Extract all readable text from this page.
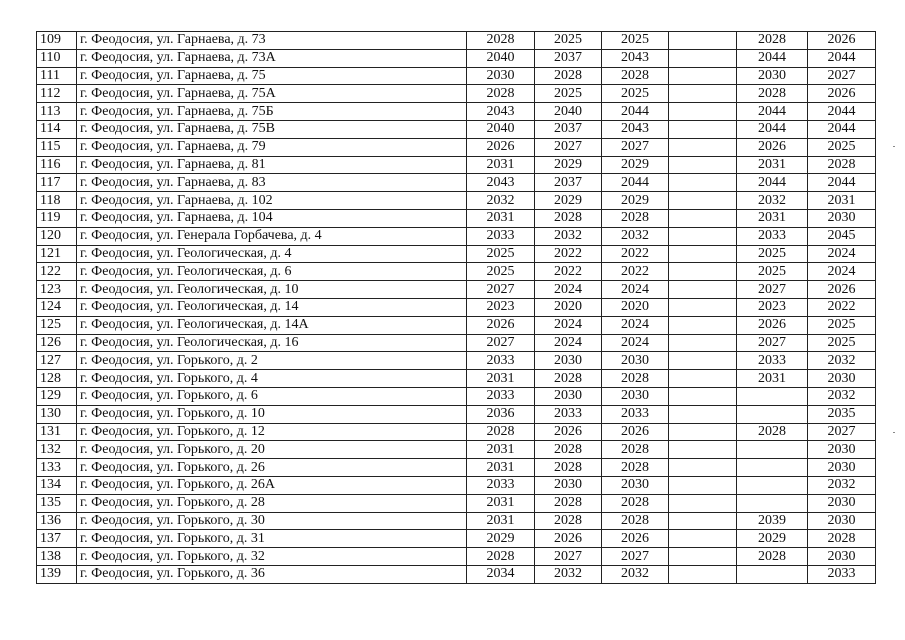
109	г. Феодосия, ул. Гарнаева, д. 73	2028	2025	2025		2028	2026
110	г. Феодосия, ул. Гарнаева, д. 73А	2040	2037	2043		2044	2044
111	г. Феодосия, ул. Гарнаева, д. 75	2030	2028	2028		2030	2027
112	г. Феодосия, ул. Гарнаева, д. 75А	2028	2025	2025		2028	2026
113	г. Феодосия, ул. Гарнаева, д. 75Б	2043	2040	2044		2044	2044
114	г. Феодосия, ул. Гарнаева, д. 75В	2040	2037	2043		2044	2044
115	г. Феодосия, ул. Гарнаева, д. 79	2026	2027	2027		2026	2025
116	г. Феодосия, ул. Гарнаева, д. 81	2031	2029	2029		2031	2028
117	г. Феодосия, ул. Гарнаева, д. 83	2043	2037	2044		2044	2044
118	г. Феодосия, ул. Гарнаева, д. 102	2032	2029	2029		2032	2031
119	г. Феодосия, ул. Гарнаева, д. 104	2031	2028	2028		2031	2030
120	г. Феодосия, ул. Генерала Горбачева, д. 4	2033	2032	2032		2033	2045
121	г. Феодосия, ул. Геологическая, д. 4	2025	2022	2022		2025	2024
122	г. Феодосия, ул. Геологическая, д. 6	2025	2022	2022		2025	2024
123	г. Феодосия, ул. Геологическая, д. 10	2027	2024	2024		2027	2026
124	г. Феодосия, ул. Геологическая, д. 14	2023	2020	2020		2023	2022
125	г. Феодосия, ул. Геологическая, д. 14А	2026	2024	2024		2026	2025
126	г. Феодосия, ул. Геологическая, д. 16	2027	2024	2024		2027	2025
127	г. Феодосия, ул. Горького, д. 2	2033	2030	2030		2033	2032
128	г. Феодосия, ул. Горького, д. 4	2031	2028	2028		2031	2030
129	г. Феодосия, ул. Горького, д. 6	2033	2030	2030			2032
130	г. Феодосия, ул. Горького, д. 10	2036	2033	2033			2035
131	г. Феодосия, ул. Горького, д. 12	2028	2026	2026		2028	2027
132	г. Феодосия, ул. Горького, д. 20	2031	2028	2028			2030
133	г. Феодосия, ул. Горького, д. 26	2031	2028	2028			2030
134	г. Феодосия, ул. Горького, д. 26А	2033	2030	2030			2032
135	г. Феодосия, ул. Горького, д. 28	2031	2028	2028			2030
136	г. Феодосия, ул. Горького, д. 30	2031	2028	2028		2039	2030
137	г. Феодосия, ул. Горького, д. 31	2029	2026	2026		2029	2028
138	г. Феодосия, ул. Горького, д. 32	2028	2027	2027		2028	2030
139	г. Феодосия, ул. Горького, д. 36	2034	2032	2032			2033
